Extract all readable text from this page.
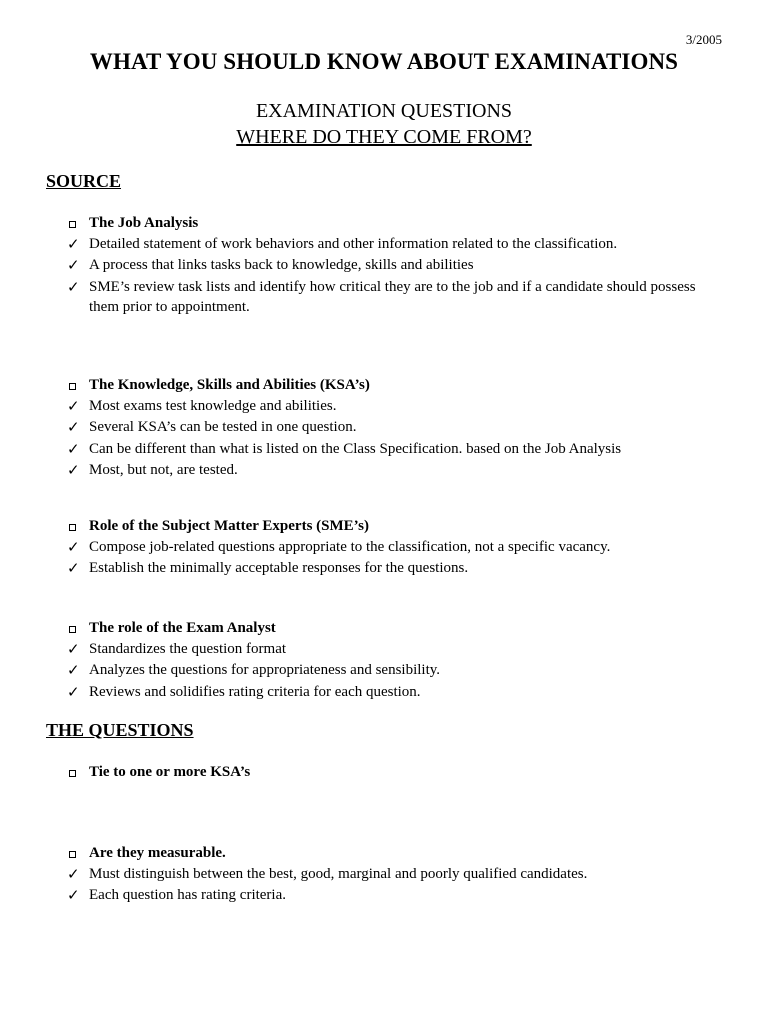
3/2005
WHAT YOU SHOULD KNOW ABOUT EXAMINATIONS
EXAMINATION QUESTIONS
WHERE DO THEY COME FROM?
SOURCE
The Job Analysis
✓ Detailed statement of work behaviors and other information related to the classification.
✓ A process that links tasks back to knowledge, skills and abilities
✓ SME’s review task lists and identify how critical they are to the job and if a candidate should possess them prior to appointment.
The Knowledge, Skills and Abilities (KSA’s)
✓ Most exams test knowledge and abilities.
✓ Several KSA’s can be tested in one question.
✓ Can be different than what is listed on the Class Specification. based on the Job Analysis
✓ Most, but not, are tested.
Role of the Subject Matter Experts (SME’s)
✓ Compose job-related questions appropriate to the classification, not a specific vacancy.
✓ Establish the minimally acceptable responses for the questions.
The role of the Exam Analyst
✓ Standardizes the question format
✓ Analyzes the questions for appropriateness and sensibility.
✓ Reviews and solidifies rating criteria for each question.
THE QUESTIONS
Tie to one or more KSA’s
Are they measurable.
✓ Must distinguish between the best, good, marginal and poorly qualified candidates.
✓ Each question has rating criteria.
